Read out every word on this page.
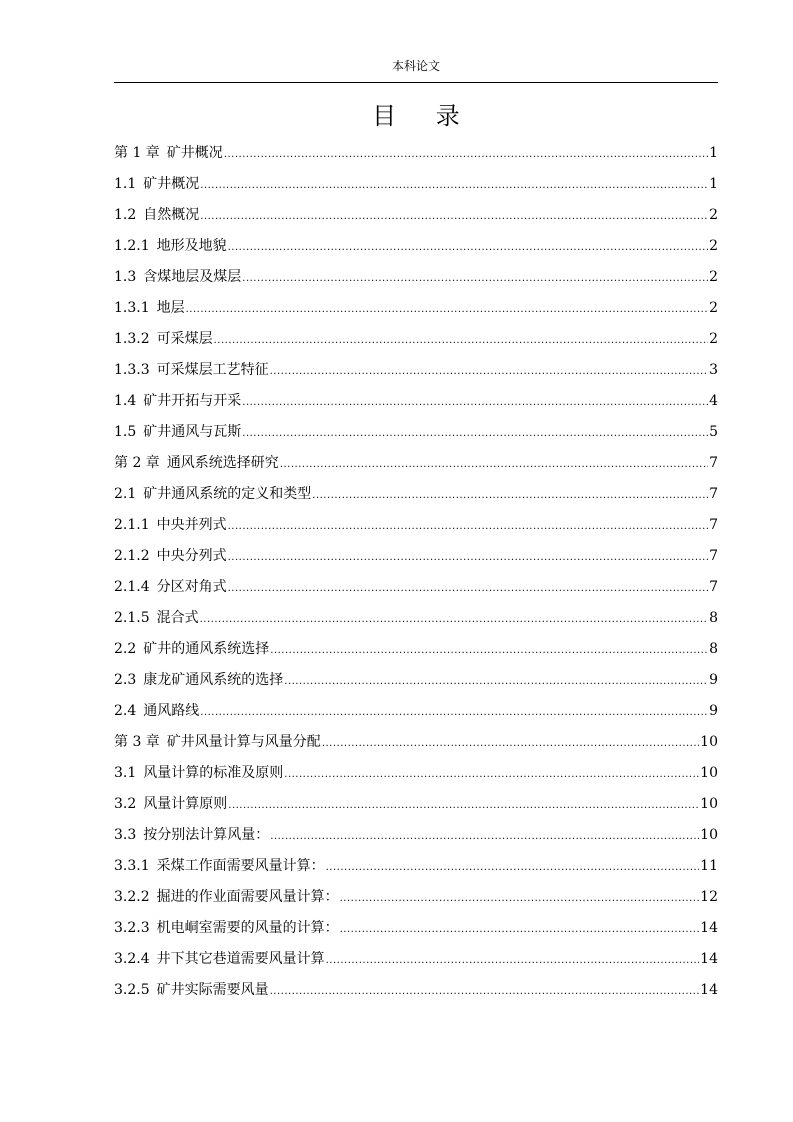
本科论文
目 录
第 1 章 矿井概况 .....	1
1.1 矿井概况 .....	1
1.2 自然概况 .....	2
1.2.1 地形及地貌 .....	2
1.3 含煤地层及煤层 .....	2
1.3.1 地层 .....	2
1.3.2 可采煤层 .....	2
1.3.3 可采煤层工艺特征 .....	3
1.4 矿井开拓与开采 .....	4
1.5 矿井通风与瓦斯 .....	5
第 2 章 通风系统选择研究 .....	7
2.1 矿井通风系统的定义和类型 .....	7
2.1.1 中央并列式 .....	7
2.1.2 中央分列式 .....	7
2.1.4 分区对角式 .....	7
2.1.5 混合式 .....	8
2.2 矿井的通风系统选择 .....	8
2.3 康龙矿通风系统的选择 .....	9
2.4 通风路线 .....	9
第 3 章 矿井风量计算与风量分配 .....	10
3.1 风量计算的标准及原则 .....	10
3.2 风量计算原则 .....	10
3.3 按分别法计算风量： .....	10
3.3.1 采煤工作面需要风量计算： .....	11
3.2.2 掘进的作业面需要风量计算： .....	12
3.2.3 机电峒室需要的风量的计算： .....	14
3.2.4 井下其它巷道需要风量计算 .....	14
3.2.5 矿井实际需要风量 .....	14
